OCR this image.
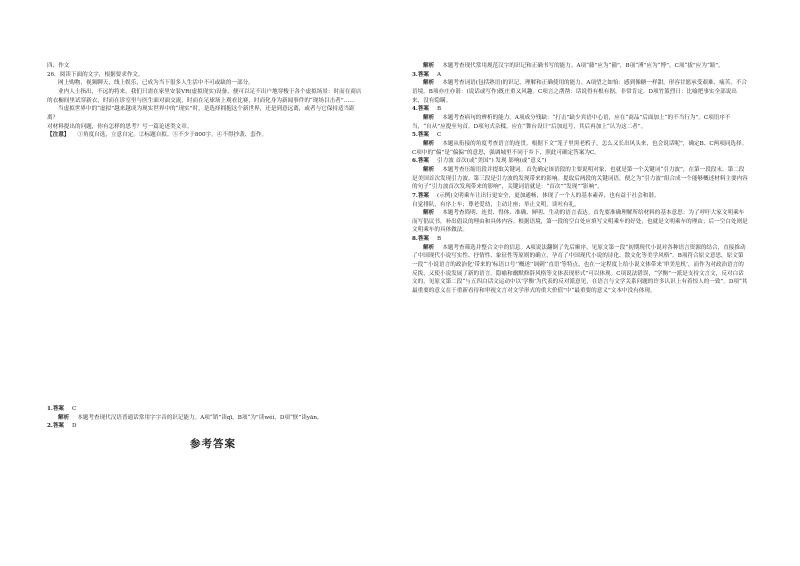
四、作文

26．阅读下面的文字，根据要求作文。

网上购物，视频聊天，线上娱乐，已成为当下很多人生活中不可或缺的一部分。

业内人士指出，不远的将来，我们只需在家里安装VR(虚拟现实)设备，便可以足不出户地穿梭于各个虚拟场景：时而在商店的衣橱间里试穿新衣，时而在诊室里与医生面对面交流，时而在足球场上观看比赛，时而化身为新闻事件的“现场目击者”……

当虚拟世界中的“虚拟”越来越成为现实世界中的“现实”时，是选择拥抱这个新世界，还是到意远离，或者与它保持适当距离？

对材料提出的问题，你有怎样的思考？写一篇论述类文章。

【注意】 ①角度自选，立意自定。②标题自拟。③不少于800字。④不得抄袭、套作。

1.答案 C

解析 本题考查现代汉语普通话常用字字音的识记能力。A项“销”读qī，B项“为”读wéi，D项“恹”读yān。

2.答案 D

参考答案

解析 本题考查现代常用规范汉字的识记和正确书写的能力。A项“藤”应为“籀”，B项“溥”应为“博”，C项“拔”应为“跋”。

3.答案 A

解析 本题考查词语(包括熟语)的识记、理解和正确使用的能力。A项望之如怡：感到像糖一样甜，形容甘愿承受艰难、痛苦、不合语境。B项亦庄亦谐：(说话或写作)既庄重又风趣。C项言之凿凿：话说得有根有据，非常肯定。D项竹篮烈日：比喻把事实全部说出来，没有隐瞒。

4.答案 B

解析 本题考查病句的辨析的能力。A项成分残缺：“打击”缺少宾语中心语，应在“商品”后面加上“的不当行为”。C项语序不当，“自从”应提至句首。D项句式杂糅，应在“舞台设计”后加逗号，其后再加上“认为这二者”。

5.答案 C

解析 本题从衔接的角度考查语言的连贯。根据下文“笼子里黑老鸦子，怎么又长出风头来，也会说话呢”，确定B、C两项同选择。C项中的“偏”是“偏偏”的意思，强调城里不同于乡下，照此可确定答案为C。

6.答案 引力波 首次(或“美国”) 发现 影响(或“意义”)

解析 本题考查压缩语段并提取关键词。首先确定该语段的主要说明对象，也就是第一个关键词“引力波”，在第一段段末。第二段是美国首次发现引力波。第三段是引力波的发现带来的影响。提取后两段的关键词语，便之为“引力波”组合成一个能够概述材料主要内容的句子“引力波首次发现带来的影响”，关键词语就是：“首次”“发现”“影响”。

7.答案 (示例)文明乘车让出行更安全，更加通畅，体现了一个人的基本素养，也有益于社会和谐。

自觉排队，有序上车；尊老爱幼，主动让座；举止文明，谈吐有礼。

解析 本题考查简明、连贯、得体、准确、鲜明、生动的语言表达。首先要准确理解所给材料的基本意思：为了呼吁大家文明乘车而写倡议书，补出倡议的理由和具体内容。根据语境，第一段的空白处应填写文明乘车的好处，也就是文明乘车的理由；后一空白处则是文明乘车的具体做法。

8.答案 B

解析 本题考查筛选并整合文中的信息。A项说法翻倒了先后顺序，见原文第一段“初期现代小说对各种语言资源的结合，直接推动了中国现代小说写实性、抒情性、象征性等原则的确立，孕育了中国现代小说的诗化、散文化等美学风格”。B项符合原文意思，原文第一段“‘小说语言的政治化’带来的‘标语口号’‘概述’‘讽刺’‘直语’等特点，也在一定程度上给小说文体带来‘审美危机’，而作为对政治语言的反拨，又使小说发展了新的语言。隐喻和幽默修辞风格等文体表现形式”可以体现。C项说法错误，“学衡”一派是支持文言文，反对白话文的，见原文第二段“与五四白话文运动中以‘学衡’为代表的反对派意见，在语言与文学关系问题的许多认识上有着惊人的一致”。D项“其最重要的意义在于重新看待和审视文言对文学形式的重大价值”中“最重要的意义”文本中没有体现。
